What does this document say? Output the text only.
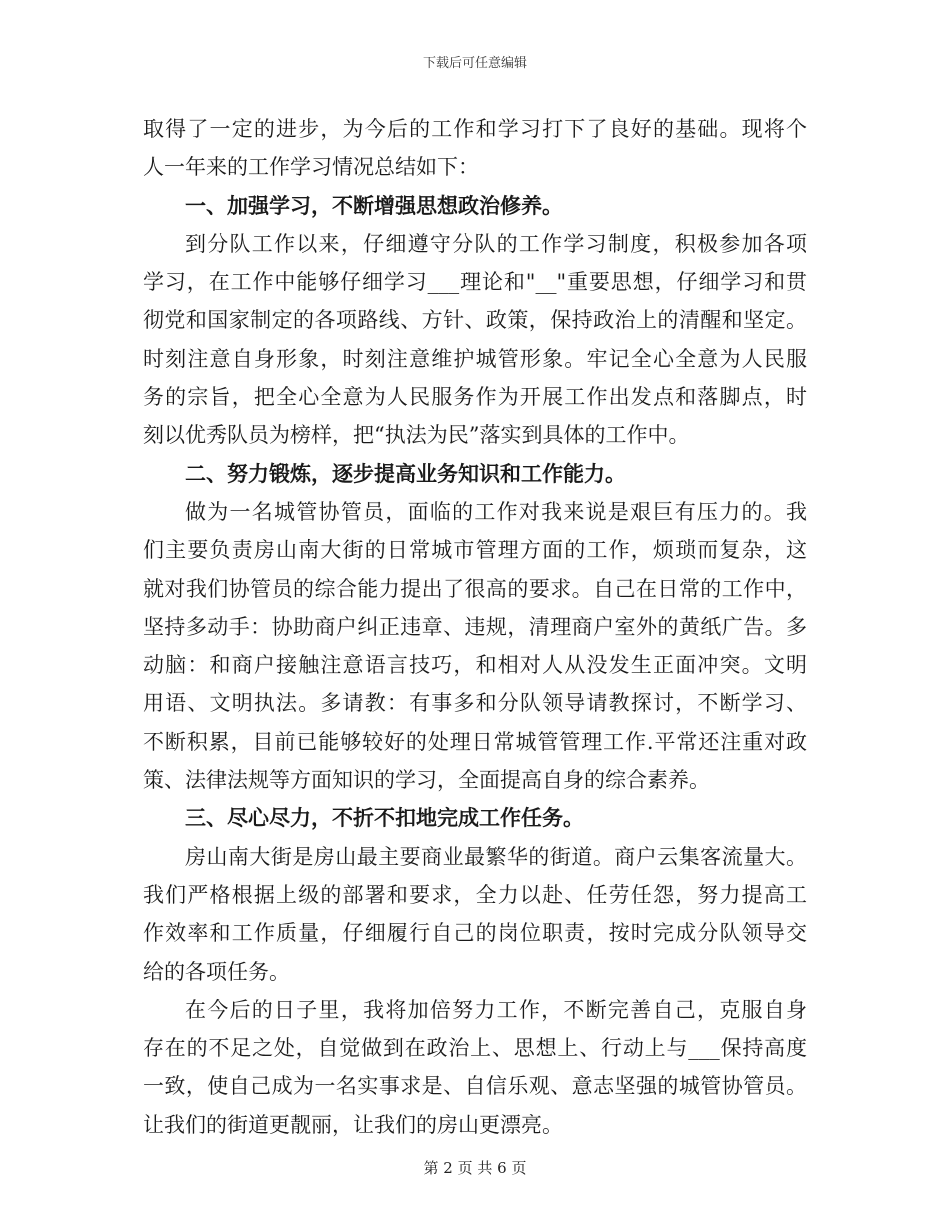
下载后可任意编辑
取得了一定的进步，为今后的工作和学习打下了良好的基础。现将个
人一年来的工作学习情况总结如下：
一、加强学习，不断增强思想政治修养。
到分队工作以来，仔细遵守分队的工作学习制度，积极参加各项
学习，在工作中能够仔细学习___理论和"__"重要思想，仔细学习和贯
彻党和国家制定的各项路线、方针、政策，保持政治上的清醒和坚定。
时刻注意自身形象，时刻注意维护城管形象。牢记全心全意为人民服
务的宗旨，把全心全意为人民服务作为开展工作出发点和落脚点，时
刻以优秀队员为榜样，把“执法为民”落实到具体的工作中。
二、努力锻炼，逐步提高业务知识和工作能力。
做为一名城管协管员，面临的工作对我来说是艰巨有压力的。我
们主要负责房山南大街的日常城市管理方面的工作，烦琐而复杂，这
就对我们协管员的综合能力提出了很高的要求。自己在日常的工作中，
坚持多动手：协助商户纠正违章、违规，清理商户室外的黄纸广告。多
动脑：和商户接触注意语言技巧，和相对人从没发生正面冲突。文明
用语、文明执法。多请教：有事多和分队领导请教探讨，不断学习、
不断积累，目前已能够较好的处理日常城管管理工作.平常还注重对政
策、法律法规等方面知识的学习，全面提高自身的综合素养。
三、尽心尽力，不折不扣地完成工作任务。
房山南大街是房山最主要商业最繁华的街道。商户云集客流量大。
我们严格根据上级的部署和要求，全力以赴、任劳任怨，努力提高工
作效率和工作质量，仔细履行自己的岗位职责，按时完成分队领导交
给的各项任务。
在今后的日子里，我将加倍努力工作，不断完善自己，克服自身
存在的不足之处，自觉做到在政治上、思想上、行动上与___保持高度
一致，使自己成为一名实事求是、自信乐观、意志坚强的城管协管员。
让我们的街道更靓丽，让我们的房山更漂亮。
第 2 页 共 6 页
